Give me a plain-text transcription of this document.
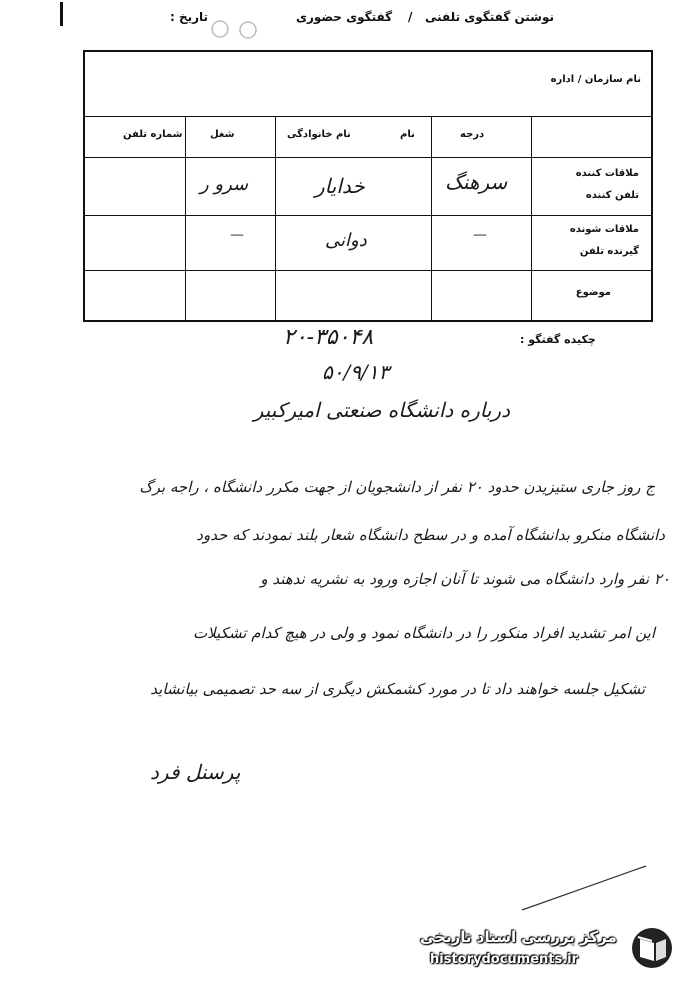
نوشتن گفتگوی تلفنی
/
گفتگوی حضوری
تاریخ :
نام سازمان / اداره
درجه
نام
نام خانوادگی
شغل
شماره تلفن
ملاقات کننده
تلفن کننده
ملاقات شونده
گیرنده تلفن
موضوع
سرهنگ
خدایار
سرو ر
—
دوانی
—
چکیده گفتگو :
۲۰-۳۵۰۴۸
۵۰/۹/۱۳
درباره دانشگاه صنعتی امیرکبیر
ج روز جاری ستیزیدن حدود ۲۰ نفر از دانشجویان از جهت مکرر دانشگاه ، راجه برگ
دانشگاه منکرو بدانشگاه آمده و در سطح دانشگاه شعار بلند نمودند که حدود
۲۰ نفر وارد دانشگاه می شوند تا آنان اجازه ورود به نشریه ندهند و
این امر تشدید افراد منکور را در دانشگاه نمود و ولی در هیچ کدام تشکیلات
تشکیل جلسه خواهند داد تا در مورد کشمکش دیگری از سه حد تصمیمی بیانشاید
پرسنل فرد
مرکز بررسی اسناد تاریخی
historydocuments.ir
